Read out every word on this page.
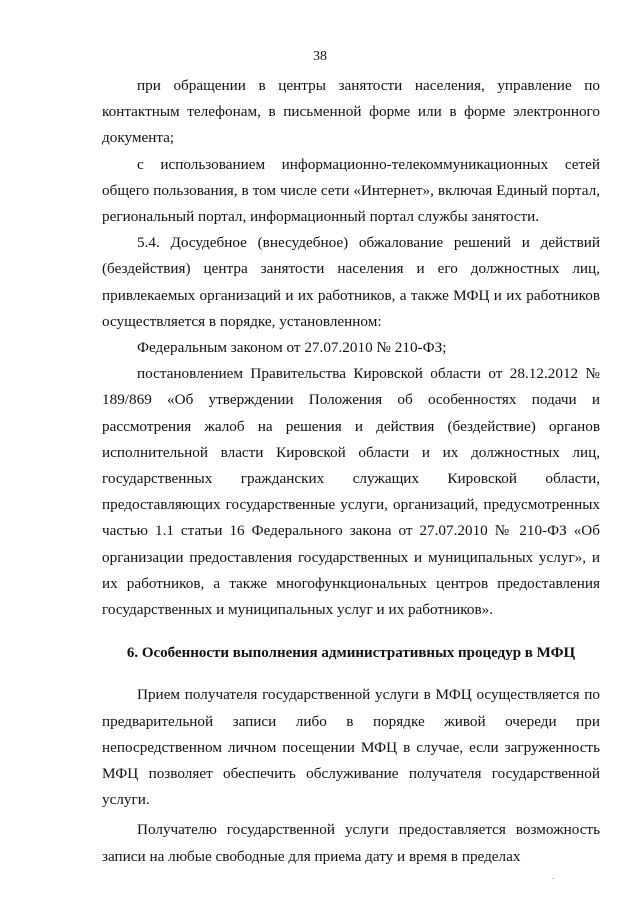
38

при обращении в центры занятости населения, управление по контактным телефонам, в письменной форме или в форме электронного документа;

с использованием информационно-телекоммуникационных сетей общего пользования, в том числе сети «Интернет», включая Единый портал, региональный портал, информационный портал службы занятости.

5.4. Досудебное (внесудебное) обжалование решений и действий (бездействия) центра занятости населения и его должностных лиц, привлекаемых организаций и их работников, а также МФЦ и их работников осуществляется в порядке, установленном:

Федеральным законом от 27.07.2010 № 210-ФЗ;

постановлением Правительства Кировской области от 28.12.2012 № 189/869 «Об утверждении Положения об особенностях подачи и рассмотрения жалоб на решения и действия (бездействие) органов исполнительной власти Кировской области и их должностных лиц, государственных гражданских служащих Кировской области, предоставляющих государственные услуги, организаций, предусмотренных частью 1.1 статьи 16 Федерального закона от 27.07.2010 № 210-ФЗ «Об организации предоставления государственных и муниципальных услуг», и их работников, а также многофункциональных центров предоставления государственных и муниципальных услуг и их работников».

6. Особенности выполнения административных процедур в МФЦ

Прием получателя государственной услуги в МФЦ осуществляется по предварительной записи либо в порядке живой очереди при непосредственном личном посещении МФЦ в случае, если загруженность МФЦ позволяет обеспечить обслуживание получателя государственной услуги.

Получателю государственной услуги предоставляется возможность записи на любые свободные для приема дату и время в пределах
